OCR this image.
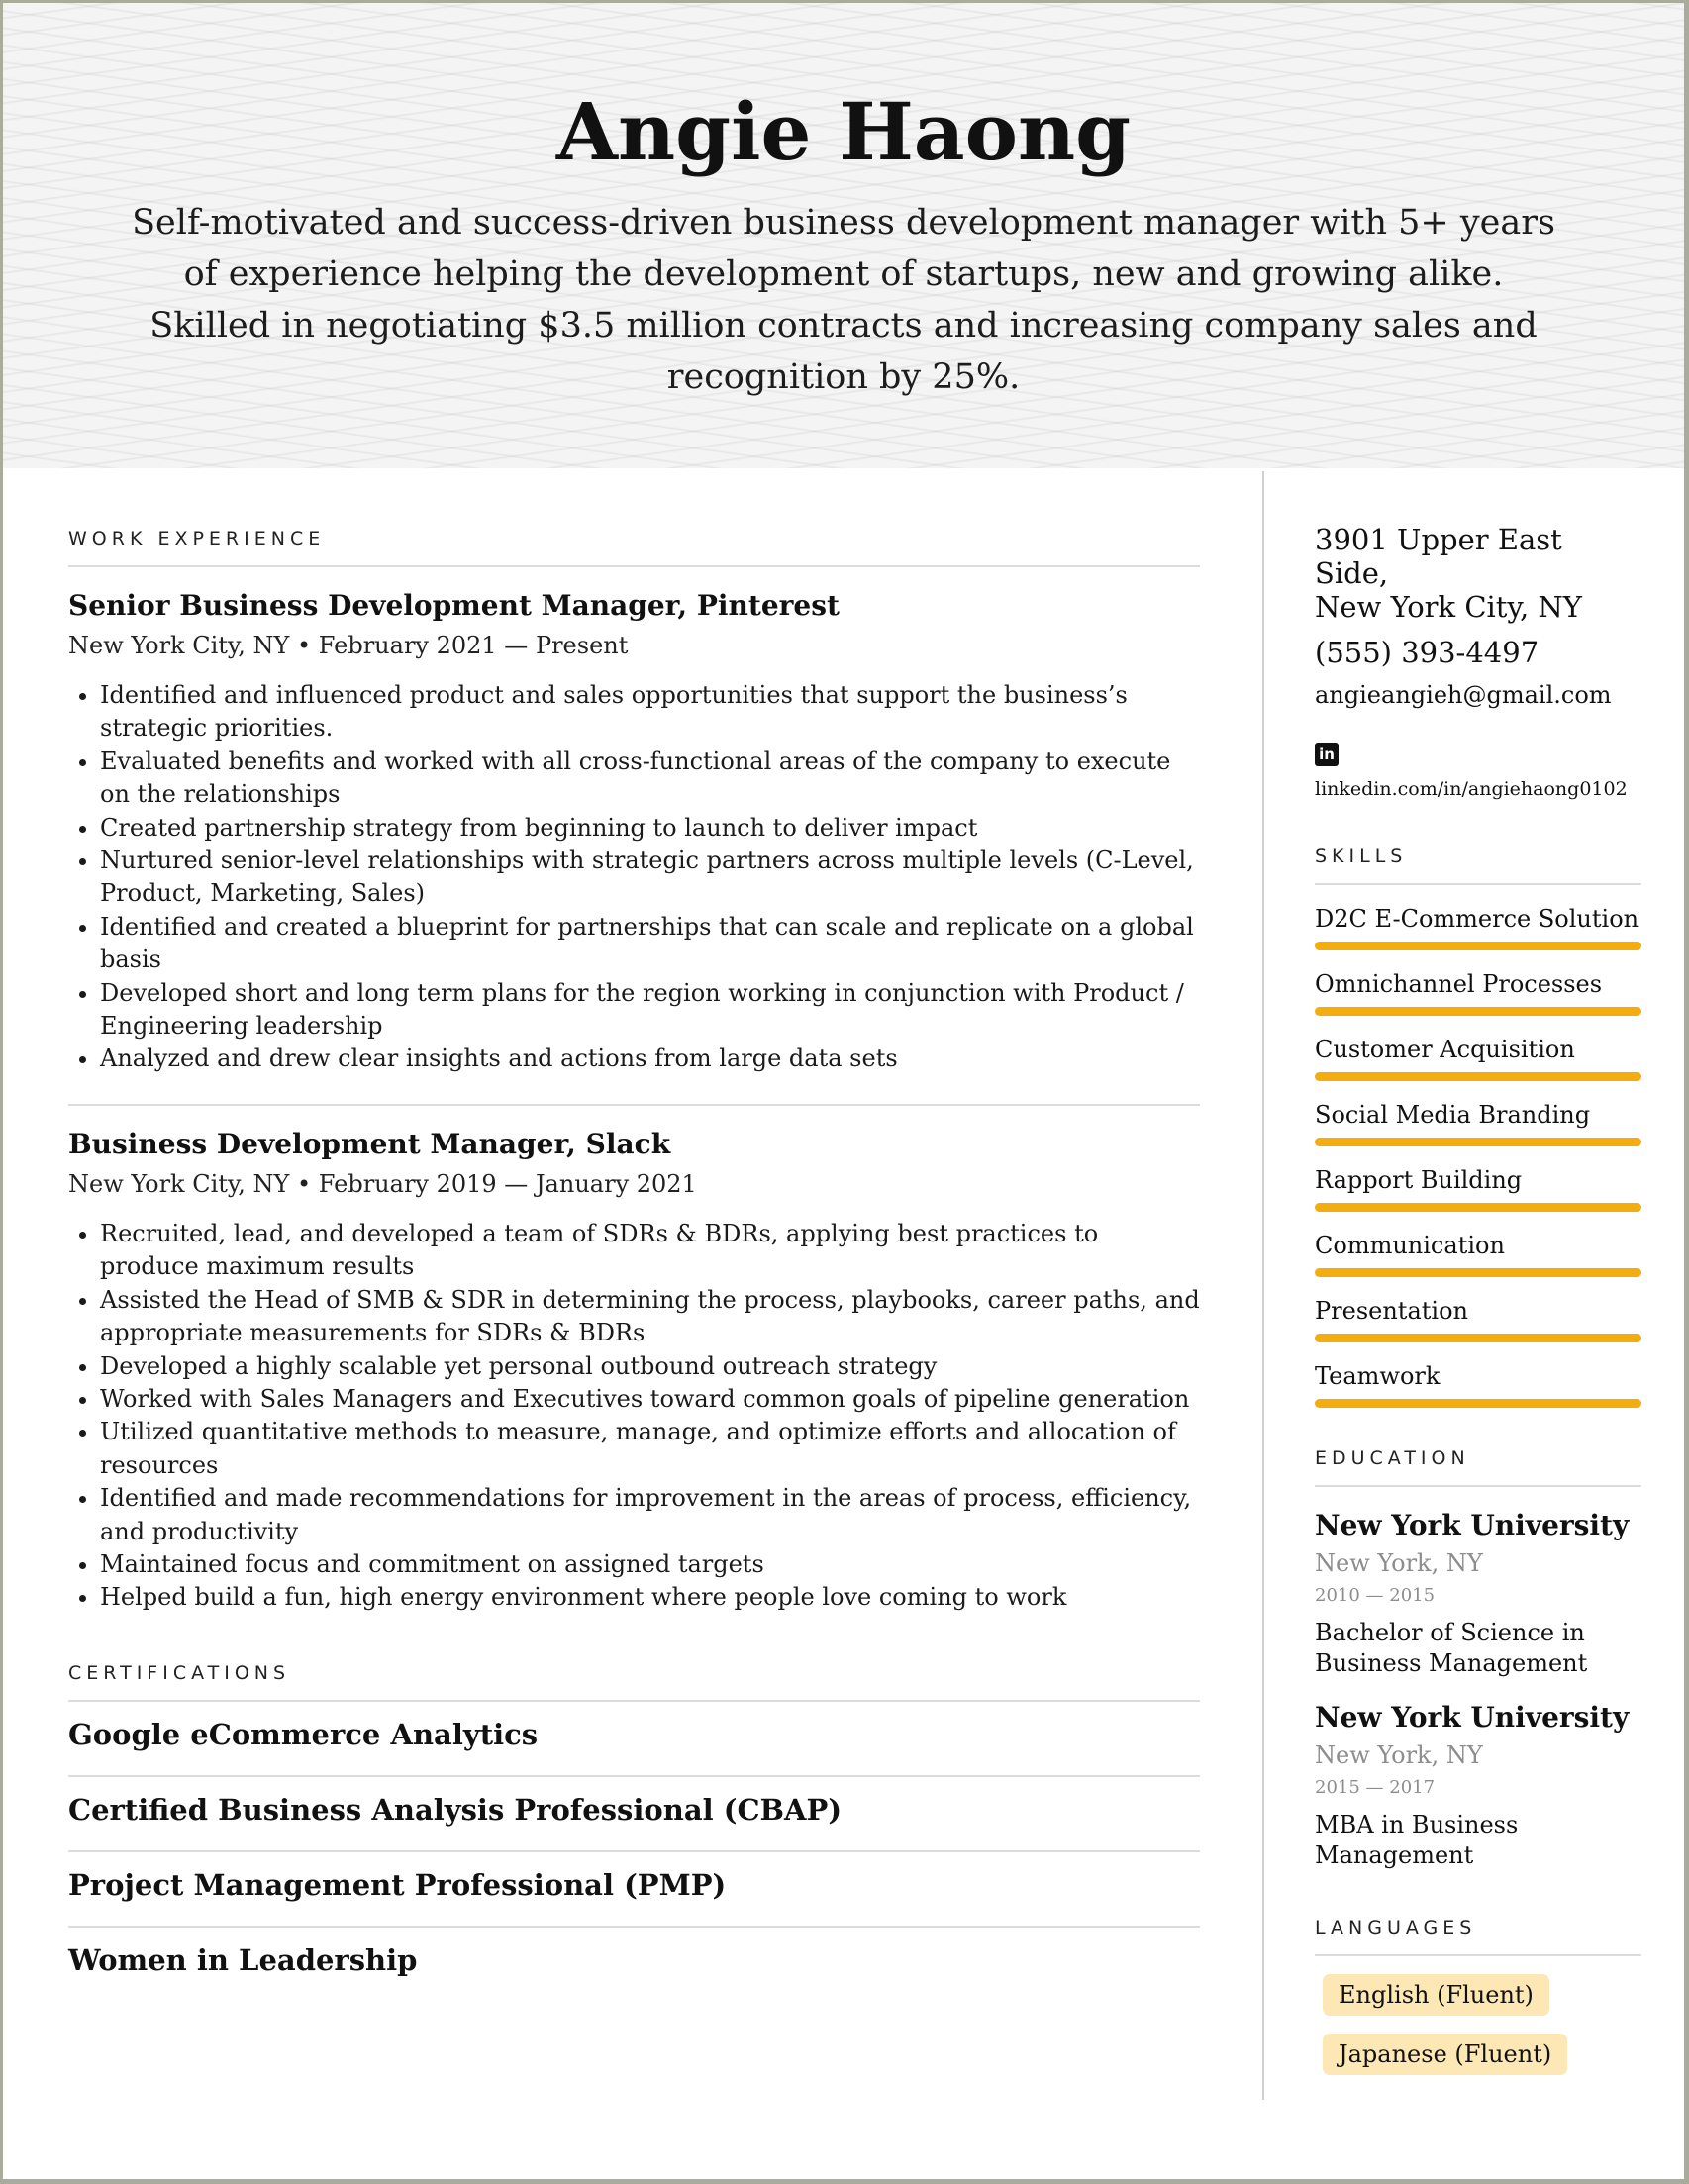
Angie Haong
Self-motivated and success-driven business development manager with 5+ years of experience helping the development of startups, new and growing alike. Skilled in negotiating $3.5 million contracts and increasing company sales and recognition by 25%.
WORK EXPERIENCE
Senior Business Development Manager, Pinterest
New York City, NY • February 2021 — Present
• Identified and influenced product and sales opportunities that support the business’s strategic priorities.
• Evaluated benefits and worked with all cross-functional areas of the company to execute on the relationships
• Created partnership strategy from beginning to launch to deliver impact
• Nurtured senior-level relationships with strategic partners across multiple levels (C-Level, Product, Marketing, Sales)
• Identified and created a blueprint for partnerships that can scale and replicate on a global basis
• Developed short and long term plans for the region working in conjunction with Product / Engineering leadership
• Analyzed and drew clear insights and actions from large data sets
Business Development Manager, Slack
New York City, NY • February 2019 — January 2021
• Recruited, lead, and developed a team of SDRs & BDRs, applying best practices to produce maximum results
• Assisted the Head of SMB & SDR in determining the process, playbooks, career paths, and appropriate measurements for SDRs & BDRs
• Developed a highly scalable yet personal outbound outreach strategy
• Worked with Sales Managers and Executives toward common goals of pipeline generation
• Utilized quantitative methods to measure, manage, and optimize efforts and allocation of resources
• Identified and made recommendations for improvement in the areas of process, efficiency, and productivity
• Maintained focus and commitment on assigned targets
• Helped build a fun, high energy environment where people love coming to work
CERTIFICATIONS
Google eCommerce Analytics
Certified Business Analysis Professional (CBAP)
Project Management Professional (PMP)
Women in Leadership
3901 Upper East Side,
New York City, NY
(555) 393-4497
angieangieh@gmail.com
in
linkedin.com/in/angiehaong0102
SKILLS
D2C E-Commerce Solution
Omnichannel Processes
Customer Acquisition
Social Media Branding
Rapport Building
Communication
Presentation
Teamwork
EDUCATION
New York University
New York, NY
2010 — 2015
Bachelor of Science in Business Management
New York University
New York, NY
2015 — 2017
MBA in Business Management
LANGUAGES
English (Fluent)
Japanese (Fluent)
